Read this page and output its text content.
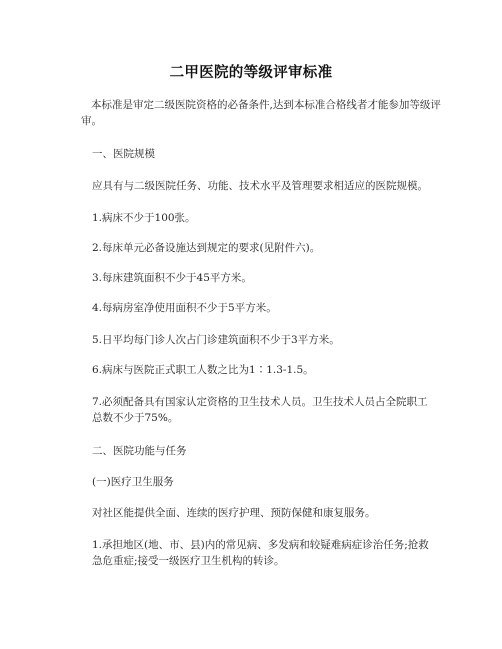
二甲医院的等级评审标准
本标准是审定二级医院资格的必备条件,达到本标准合格线者才能参加等级评审。
一、医院规模
应具有与二级医院任务、功能、技术水平及管理要求相适应的医院规模。
1.病床不少于100张。
2.每床单元必备设施达到规定的要求(见附件六)。
3.每床建筑面积不少于45平方米。
4.每病房室净使用面积不少于5平方米。
5.日平均每门诊人次占门诊建筑面积不少于3平方米。
6.病床与医院正式职工人数之比为1∶1.3-1.5。
7.必须配备具有国家认定资格的卫生技术人员。卫生技术人员占全院职工总数不少于75%。
二、医院功能与任务
(一)医疗卫生服务
对社区能提供全面、连续的医疗护理、预防保健和康复服务。
1.承担地区(地、市、县)内的常见病、多发病和较疑难病症诊治任务;抢救急危重症;接受一级医疗卫生机构的转诊。
